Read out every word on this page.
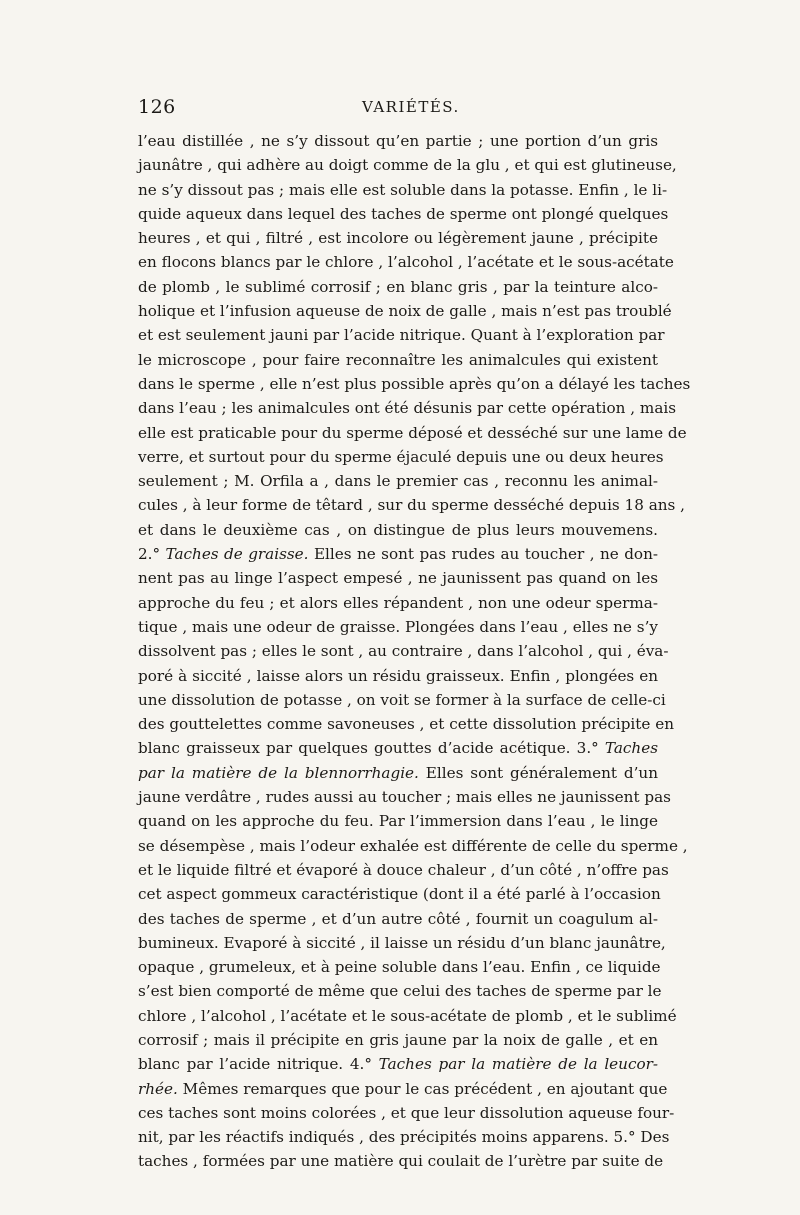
126	VARIÉTÉS.
l’eau distillée , ne s’y dissout qu’en partie ; une portion d’un gris
jaunâtre , qui adhère au doigt comme de la glu , et qui est glutineuse,
ne s’y dissout pas ; mais elle est soluble dans la potasse. Enfin , le li-
quide aqueux dans lequel des taches de sperme ont plongé quelques
heures , et qui , filtré , est incolore ou légèrement jaune , précipite
en flocons blancs par le chlore , l’alcohol , l’acétate et le sous-acétate
de plomb , le sublimé corrosif ; en blanc gris , par la teinture alco-
holique et l’infusion aqueuse de noix de galle , mais n’est pas troublé
et est seulement jauni par l’acide nitrique. Quant à l’exploration par
le microscope , pour faire reconnaître les animalcules qui existent
dans le sperme , elle n’est plus possible après qu’on a délayé les taches
dans l’eau ; les animalcules ont été désunis par cette opération , mais
elle est praticable pour du sperme déposé et desséché sur une lame de
verre, et surtout pour du sperme éjaculé depuis une ou deux heures
seulement ; M. Orfila a , dans le premier cas , reconnu les animal-
cules , à leur forme de têtard , sur du sperme desséché depuis 18 ans ,
et dans le deuxième cas , on distingue de plus leurs mouvemens.
2.° Taches de graisse. Elles ne sont pas rudes au toucher , ne don-
nent pas au linge l’aspect empesé , ne jaunissent pas quand on les
approche du feu ; et alors elles répandent , non une odeur sperma-
tique , mais une odeur de graisse. Plongées dans l’eau , elles ne s’y
dissolvent pas ; elles le sont , au contraire , dans l’alcohol , qui , éva-
poré à siccité , laisse alors un résidu graisseux. Enfin , plongées en
une dissolution de potasse , on voit se former à la surface de celle-ci
des gouttelettes comme savoneuses , et cette dissolution précipite en
blanc graisseux par quelques gouttes d’acide acétique. 3.° Taches
par la matière de la blennorrhagie. Elles sont généralement d’un
jaune verdâtre , rudes aussi au toucher ; mais elles ne jaunissent pas
quand on les approche du feu. Par l’immersion dans l’eau , le linge
se désempèse , mais l’odeur exhalée est différente de celle du sperme ,
et le liquide filtré et évaporé à douce chaleur , d’un côté , n’offre pas
cet aspect gommeux caractéristique (dont il a été parlé à l’occasion
des taches de sperme , et d’un autre côté , fournit un coagulum al-
bumineux. Evaporé à siccité , il laisse un résidu d’un blanc jaunâtre,
opaque , grumeleux, et à peine soluble dans l’eau. Enfin , ce liquide
s’est bien comporté de même que celui des taches de sperme par le
chlore , l’alcohol , l’acétate et le sous-acétate de plomb , et le sublimé
corrosif ; mais il précipite en gris jaune par la noix de galle , et en
blanc par l’acide nitrique. 4.° Taches par la matière de la leucor-
rhée. Mêmes remarques que pour le cas précédent , en ajoutant que
ces taches sont moins colorées , et que leur dissolution aqueuse four-
nit, par les réactifs indiqués , des précipités moins apparens. 5.° Des
taches , formées par une matière qui coulait de l’urètre par suite de
